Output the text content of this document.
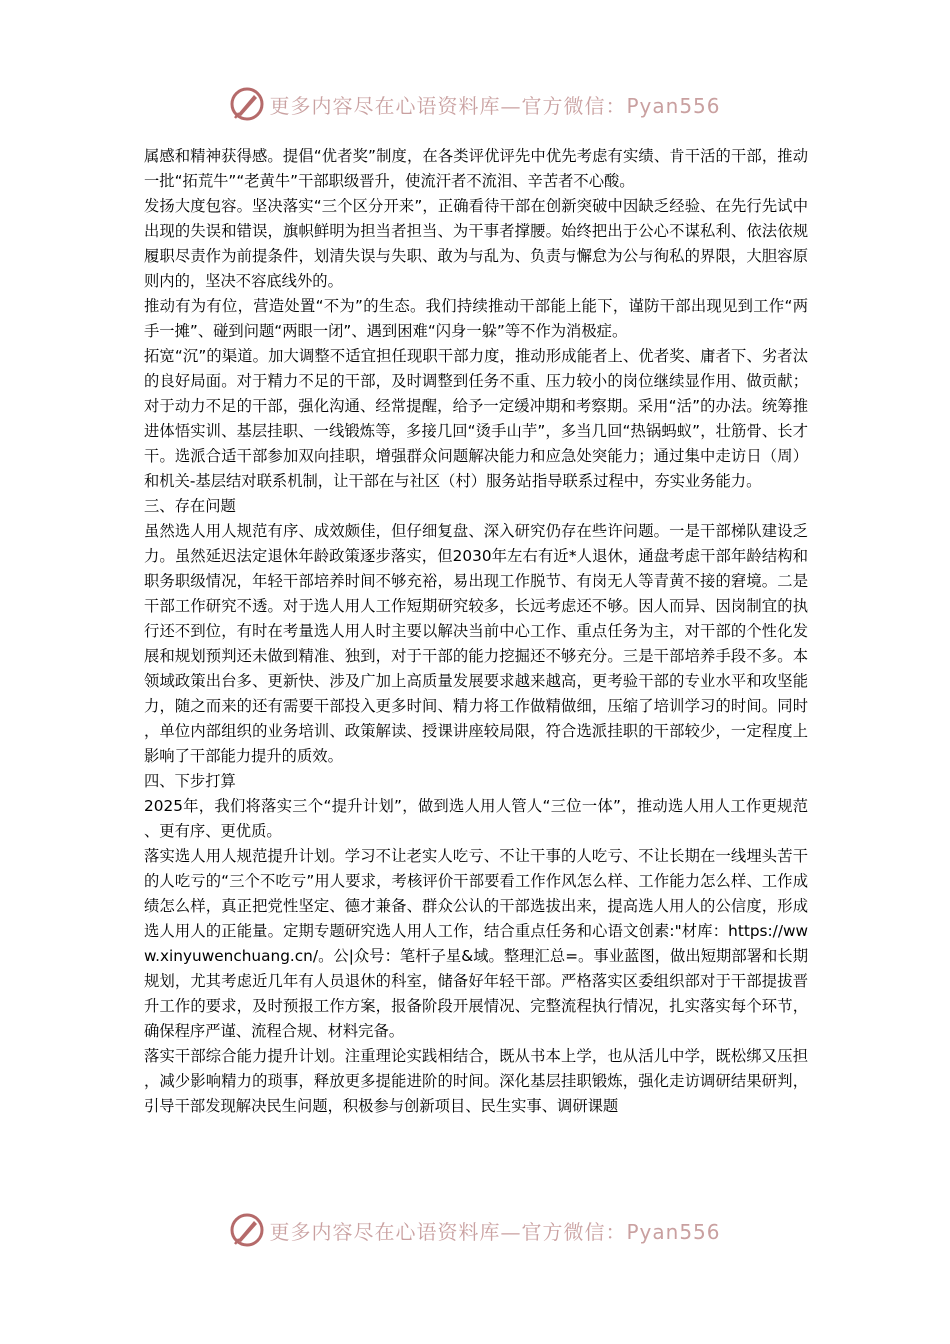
更多内容尽在心语资料库—官方微信：Pyan556

属感和精神获得感。提倡“优者奖”制度，在各类评优评先中优先考虑有实绩、肯干活的干部，推动一批“拓荒牛”“老黄牛”干部职级晋升，使流汗者不流泪、辛苦者不心酸。

发扬大度包容。坚决落实“三个区分开来”，正确看待干部在创新突破中因缺乏经验、在先行先试中出现的失误和错误，旗帜鲜明为担当者担当、为干事者撑腰。始终把出于公心不谋私利、依法依规履职尽责作为前提条件，划清失误与失职、敢为与乱为、负责与懈怠为公与徇私的界限，大胆容原则内的，坚决不容底线外的。

推动有为有位，营造处置“不为”的生态。我们持续推动干部能上能下，谨防干部出现见到工作“两手一摊”、碰到问题“两眼一闭”、遇到困难“闪身一躲”等不作为消极症。

拓宽“沉”的渠道。加大调整不适宜担任现职干部力度，推动形成能者上、优者奖、庸者下、劣者汰的良好局面。对于精力不足的干部，及时调整到任务不重、压力较小的岗位继续显作用、做贡献；对于动力不足的干部，强化沟通、经常提醒，给予一定缓冲期和考察期。采用“活”的办法。统筹推进体悟实训、基层挂职、一线锻炼等，多接几回“烫手山芋”，多当几回“热锅蚂蚁”，壮筋骨、长才干。选派合适干部参加双向挂职，增强群众问题解决能力和应急处突能力；通过集中走访日（周）和机关-基层结对联系机制，让干部在与社区（村）服务站指导联系过程中，夯实业务能力。

三、存在问题

虽然选人用人规范有序、成效颇佳，但仔细复盘、深入研究仍存在些许问题。一是干部梯队建设乏力。虽然延迟法定退休年龄政策逐步落实，但2030年左右有近*人退休，通盘考虑干部年龄结构和职务职级情况，年轻干部培养时间不够充裕，易出现工作脱节、有岗无人等青黄不接的窘境。二是干部工作研究不透。对于选人用人工作短期研究较多，长远考虑还不够。因人而异、因岗制宜的执行还不到位，有时在考量选人用人时主要以解决当前中心工作、重点任务为主，对干部的个性化发展和规划预判还未做到精准、独到，对于干部的能力挖掘还不够充分。三是干部培养手段不多。本领域政策出台多、更新快、涉及广加上高质量发展要求越来越高，更考验干部的专业水平和攻坚能力，随之而来的还有需要干部投入更多时间、精力将工作做精做细，压缩了培训学习的时间。同时，单位内部组织的业务培训、政策解读、授课讲座较局限，符合选派挂职的干部较少，一定程度上影响了干部能力提升的质效。

四、下步打算

2025年，我们将落实三个“提升计划”，做到选人用人管人“三位一体”，推动选人用人工作更规范、更有序、更优质。

落实选人用人规范提升计划。学习不让老实人吃亏、不让干事的人吃亏、不让长期在一线埋头苦干的人吃亏的“三个不吃亏”用人要求，考核评价干部要看工作作风怎么样、工作能力怎么样、工作成绩怎么样，真正把党性坚定、德才兼备、群众公认的干部选拔出来，提高选人用人的公信度，形成选人用人的正能量。定期专题研究选人用人工作，结合重点任务和心语文创素:"材库：https://www.xinyuwenchuang.cn/。公|众号：笔杆子星&域。整理汇总=。事业蓝图，做出短期部署和长期规划，尤其考虑近几年有人员退休的科室，储备好年轻干部。严格落实区委组织部对于干部提拔晋升工作的要求，及时预报工作方案，报备阶段开展情况、完整流程执行情况，扎实落实每个环节，确保程序严谨、流程合规、材料完备。

落实干部综合能力提升计划。注重理论实践相结合，既从书本上学，也从活儿中学，既松绑又压担，减少影响精力的琐事，释放更多提能进阶的时间。深化基层挂职锻炼，强化走访调研结果研判，引导干部发现解决民生问题，积极参与创新项目、民生实事、调研课题

更多内容尽在心语资料库—官方微信：Pyan556
